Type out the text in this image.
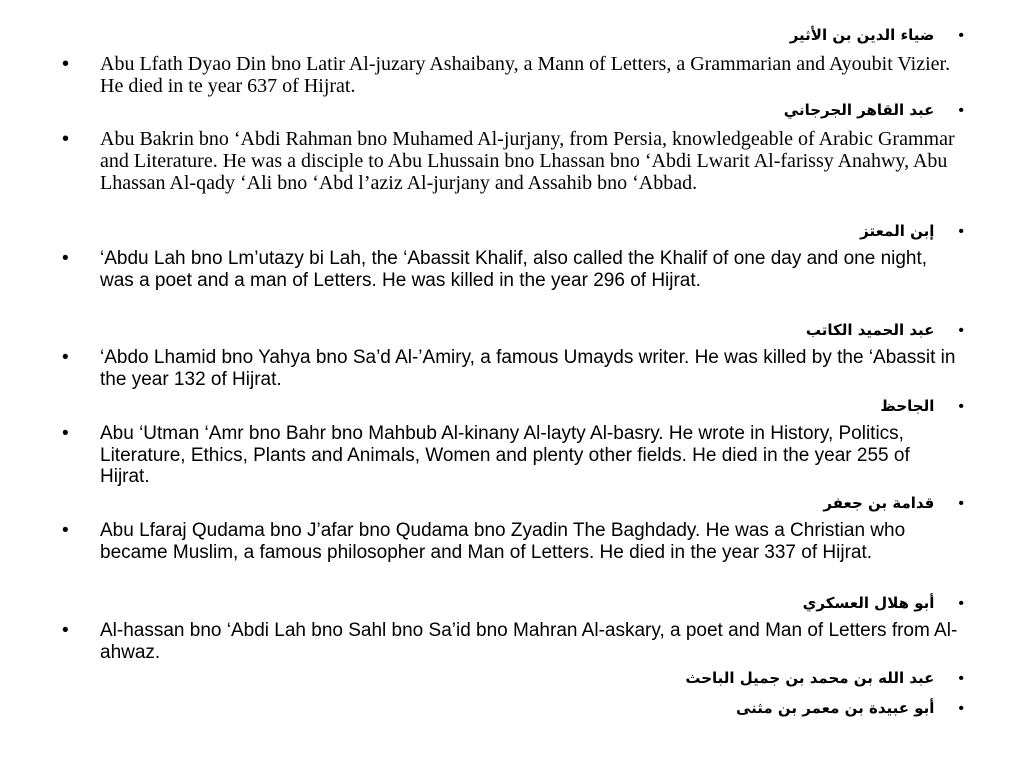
•ضياء الدين بن الأثير
• Abu Lfath Dyao Din bno Latir Al-juzary Ashaibany, a Mann of Letters, a Grammarian and Ayoubit Vizier. He died in te year 637 of Hijrat.
•عبد القاهر الجرجاني
• Abu Bakrin bno ‘Abdi Rahman bno Muhamed Al-jurjany, from Persia, knowledgeable of Arabic Grammar and Literature. He was a disciple to Abu Lhussain bno Lhassan bno ‘Abdi Lwarit Al-farissy Anahwy, Abu Lhassan Al-qady ‘Ali bno ‘Abd l’aziz Al-jurjany and Assahib bno ‘Abbad.
•إبن المعتز
• ‘Abdu Lah bno Lm’utazy bi Lah, the ‘Abassit Khalif, also called the Khalif of one day and one night, was a poet and a man of Letters. He was killed in the year 296 of Hijrat.
•عبد الحميد الكاتب
• ‘Abdo Lhamid bno Yahya bno Sa’d Al-’Amiry, a famous Umayds writer. He was killed by the ‘Abassit in the year 132 of Hijrat.
•الجاحظ
• Abu ‘Utman ‘Amr bno Bahr bno Mahbub Al-kinany Al-layty Al-basry. He wrote in History, Politics, Literature, Ethics, Plants and Animals, Women and plenty other fields. He died in the year 255 of Hijrat.
•قدامة بن جعفر
• Abu Lfaraj Qudama bno J’afar bno Qudama bno Zyadin The Baghdady. He was a Christian who became Muslim, a famous philosopher and Man of Letters. He died in the year 337 of Hijrat.
•أبو هلال العسكري
• Al-hassan bno ‘Abdi Lah bno Sahl bno Sa’id bno Mahran Al-askary, a poet and Man of Letters from Al-ahwaz.
•عبد الله بن محمد بن جميل الباحث
•أبو عبيدة بن معمر بن مثنى
